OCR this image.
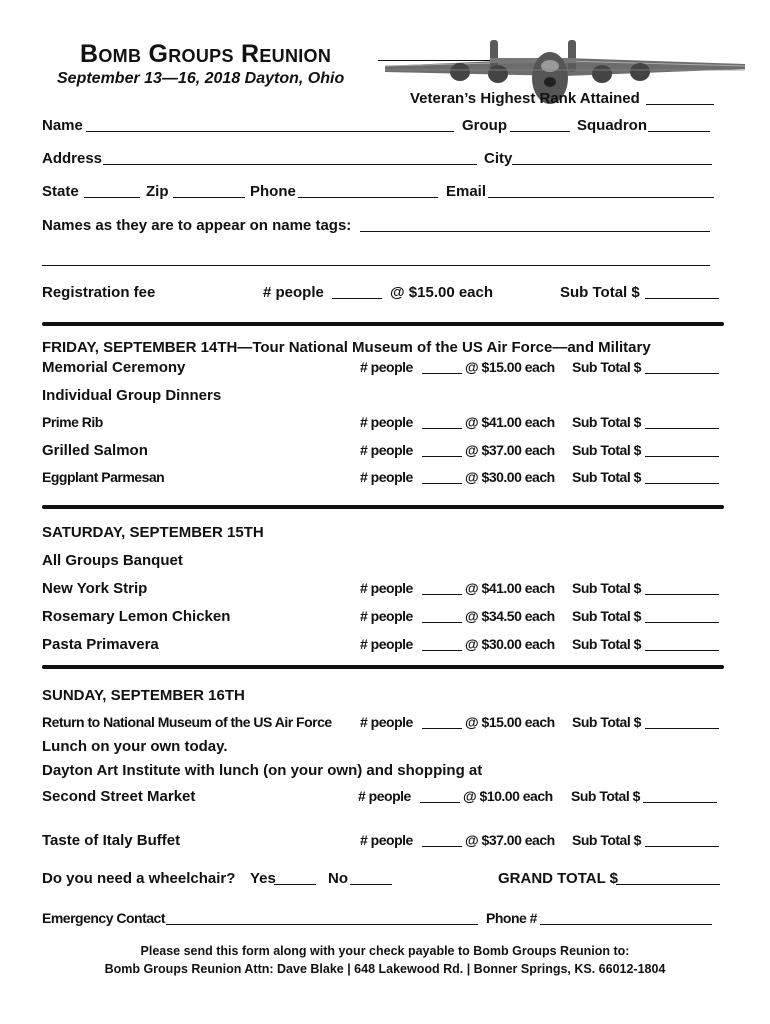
Bomb Groups Reunion
September 13—16, 2018 Dayton, Ohio
Veteran’s Highest Rank Attained
Name	Group	Squadron
Address	City
State	Zip	Phone	Email
Names as they are to appear on name tags:
Registration fee	# people	@ $15.00 each	Sub Total $
FRIDAY, SEPTEMBER 14TH—Tour National Museum of the US Air Force—and Military
Memorial Ceremony	# people	@ $15.00 each Sub Total $
Individual Group Dinners
Prime Rib	# people	@ $41.00 each Sub Total $
Grilled Salmon	# people	@ $37.00 each Sub Total $
Eggplant Parmesan	# people	@ $30.00 each Sub Total $
SATURDAY, SEPTEMBER 15TH
All Groups Banquet
New York Strip	# people	@ $41.00 each Sub Total $
Rosemary Lemon Chicken	# people	@ $34.50 each Sub Total $
Pasta Primavera	# people	@ $30.00 each Sub Total $
SUNDAY, SEPTEMBER 16TH
Return to National Museum of the US Air Force # people	@ $15.00 each Sub Total $
Lunch on your own today.
Dayton Art Institute with lunch (on your own) and shopping at
Second Street Market	# people	@ $10.00 each Sub Total $
Taste of Italy Buffet	# people	@ $37.00 each Sub Total $
Do you need a wheelchair? Yes	No	GRAND TOTAL $
Emergency Contact	Phone #
Please send this form along with your check payable to Bomb Groups Reunion to:
Bomb Groups Reunion Attn: Dave Blake | 648 Lakewood Rd. | Bonner Springs, KS. 66012-1804
